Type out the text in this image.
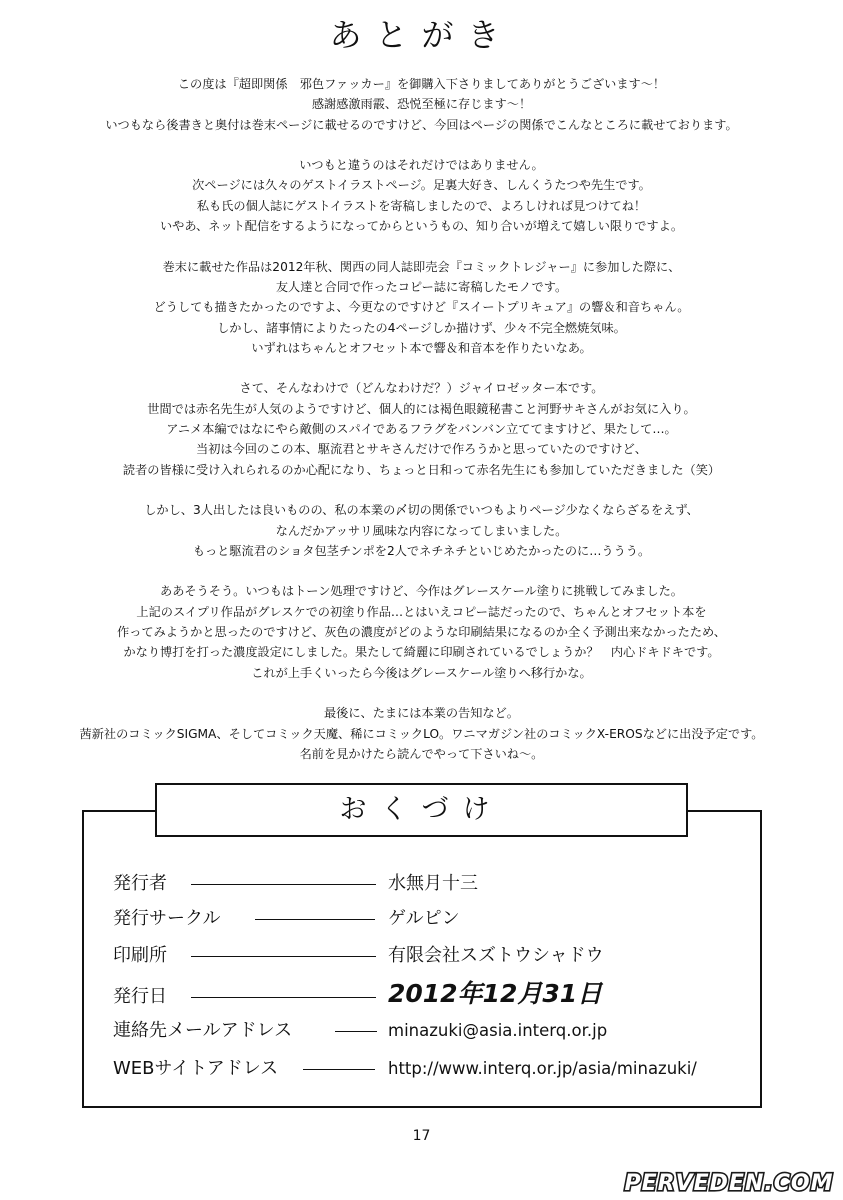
あとがき
この度は『超即関係　邪色ファッカー』を御購入下さりましてありがとうございます～！
感謝感激雨霰、恐悦至極に存じます～！
いつもなら後書きと奥付は巻末ページに載せるのですけど、今回はページの関係でこんなところに載せております。
いつもと違うのはそれだけではありません。
次ページには久々のゲストイラストページ。足裏大好き、しんくうたつや先生です。
私も氏の個人誌にゲストイラストを寄稿しましたので、よろしければ見つけてね！
いやあ、ネット配信をするようになってからというもの、知り合いが増えて嬉しい限りですよ。
巻末に載せた作品は2012年秋、関西の同人誌即売会『コミックトレジャー』に参加した際に、
友人達と合同で作ったコピー誌に寄稿したモノです。
どうしても描きたかったのですよ、今更なのですけど『スイートプリキュア』の響＆和音ちゃん。
しかし、諸事情によりたったの4ページしか描けず、少々不完全燃焼気味。
いずれはちゃんとオフセット本で響＆和音本を作りたいなあ。
さて、そんなわけで（どんなわけだ？）ジャイロゼッター本です。
世間では赤名先生が人気のようですけど、個人的には褐色眼鏡秘書こと河野サキさんがお気に入り。
アニメ本編ではなにやら敵側のスパイであるフラグをバンバン立ててますけど、果たして…。
当初は今回のこの本、駆流君とサキさんだけで作ろうかと思っていたのですけど、
読者の皆様に受け入れられるのか心配になり、ちょっと日和って赤名先生にも参加していただきました（笑）
しかし、3人出したは良いものの、私の本業の〆切の関係でいつもよりページ少なくならざるをえず、
なんだかアッサリ風味な内容になってしまいました。
もっと駆流君のショタ包茎チンポを2人でネチネチといじめたかったのに…ううう。
ああそうそう。いつもはトーン処理ですけど、今作はグレースケール塗りに挑戦してみました。
上記のスイプリ作品がグレスケでの初塗り作品…とはいえコピー誌だったので、ちゃんとオフセット本を
作ってみようかと思ったのですけど、灰色の濃度がどのような印刷結果になるのか全く予測出来なかったため、
かなり博打を打った濃度設定にしました。果たして綺麗に印刷されているでしょうか？　内心ドキドキです。
これが上手くいったら今後はグレースケール塗りへ移行かな。
最後に、たまには本業の告知など。
茜新社のコミックSIGMA、そしてコミック天魔、稀にコミックLO。ワニマガジン社のコミックX-EROSなどに出没予定です。
名前を見かけたら読んでやって下さいね～。
おくづけ
発行者	水無月十三
発行サークル	ゲルピン
印刷所	有限会社スズトウシャドウ
発行日	2012年12月31日
連絡先メールアドレス	minazuki@asia.interq.or.jp
WEBサイトアドレス	http://www.interq.or.jp/asia/minazuki/
17
PERVEDEN.COM
